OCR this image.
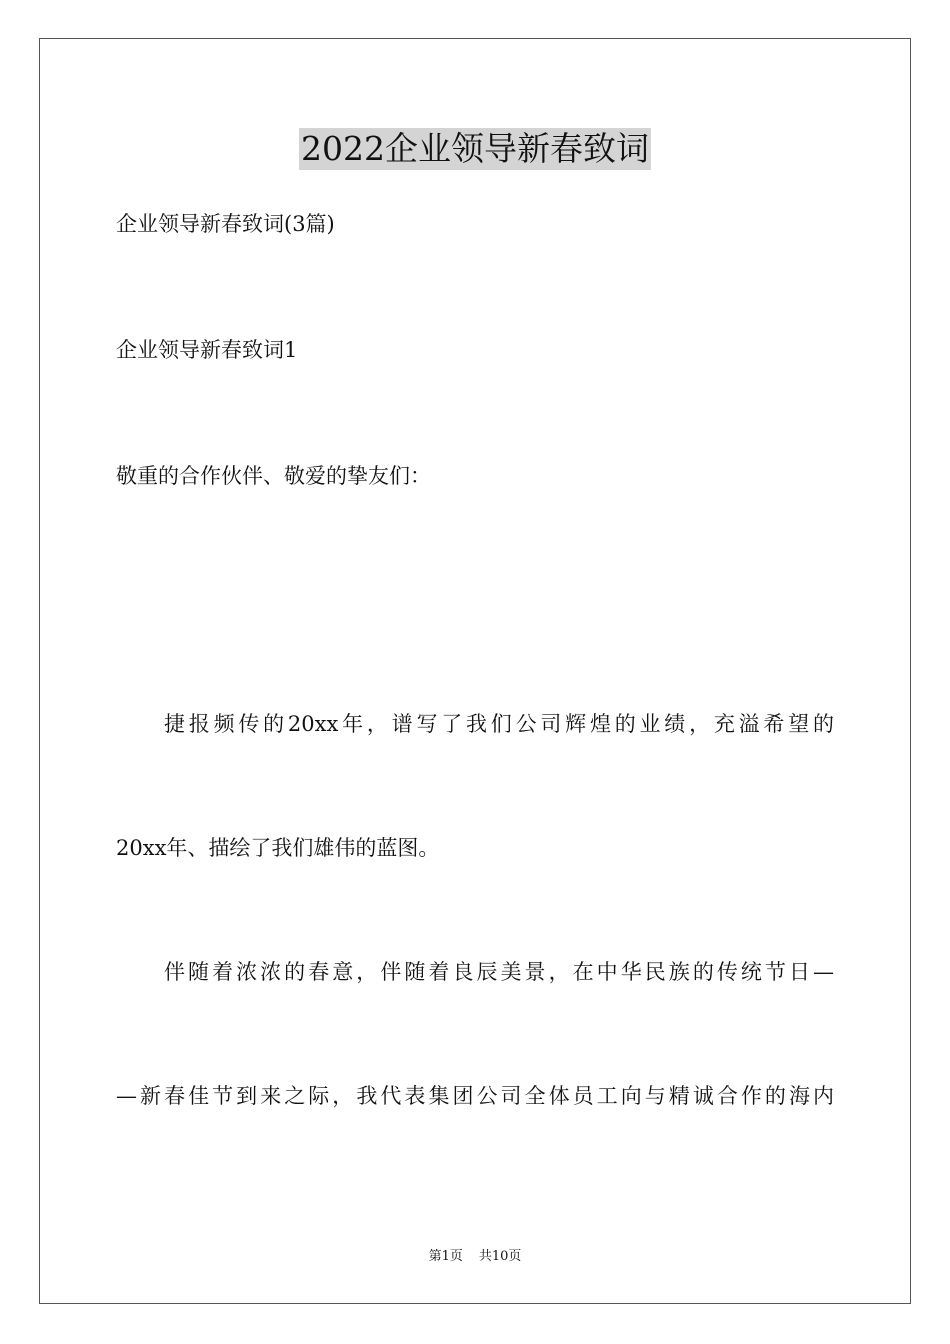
2022企业领导新春致词
企业领导新春致词(3篇)
企业领导新春致词1
敬重的合作伙伴、敬爱的挚友们：
捷报频传的20xx年，谱写了我们公司辉煌的业绩，充溢希望的
20xx年、描绘了我们雄伟的蓝图。
伴随着浓浓的春意，伴随着良辰美景，在中华民族的传统节日—
—新春佳节到来之际，我代表集团公司全体员工向与精诚合作的海内
第1页 共10页
